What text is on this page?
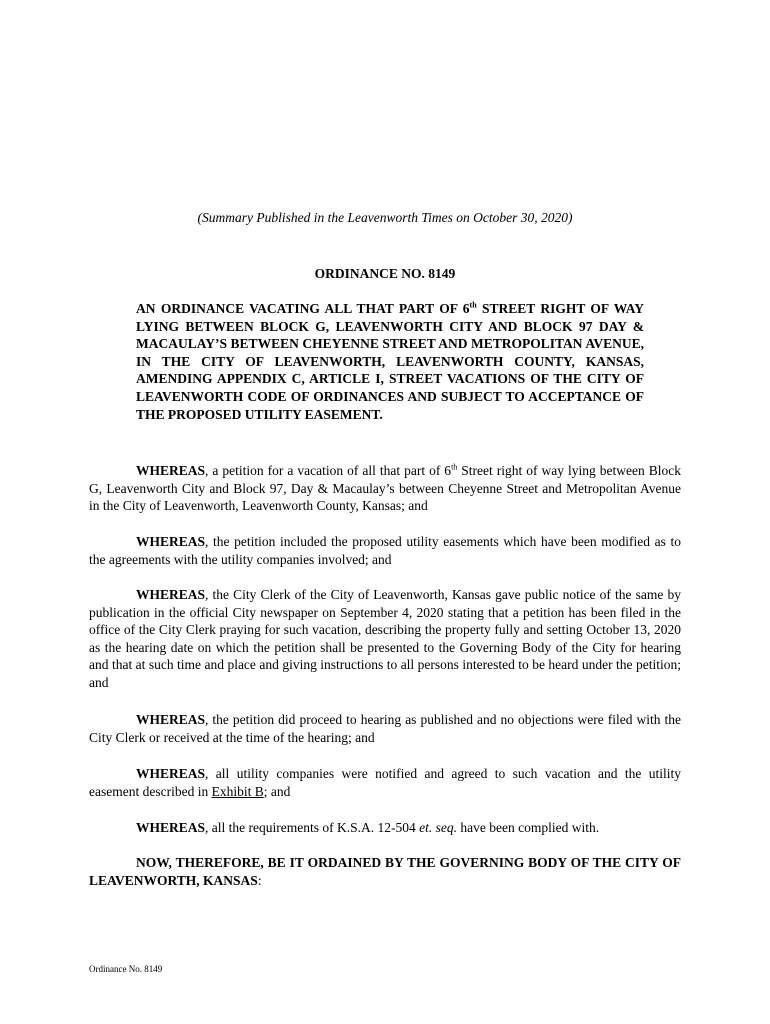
(Summary Published in the Leavenworth Times on October 30, 2020)
ORDINANCE NO. 8149
AN ORDINANCE VACATING ALL THAT PART OF 6th STREET RIGHT OF WAY LYING BETWEEN BLOCK G, LEAVENWORTH CITY AND BLOCK 97 DAY & MACAULAY’S BETWEEN CHEYENNE STREET AND METROPOLITAN AVENUE, IN THE CITY OF LEAVENWORTH, LEAVENWORTH COUNTY, KANSAS, AMENDING APPENDIX C, ARTICLE I, STREET VACATIONS OF THE CITY OF LEAVENWORTH CODE OF ORDINANCES AND SUBJECT TO ACCEPTANCE OF THE PROPOSED UTILITY EASEMENT.
WHEREAS, a petition for a vacation of all that part of 6th Street right of way lying between Block G, Leavenworth City and Block 97, Day & Macaulay’s between Cheyenne Street and Metropolitan Avenue in the City of Leavenworth, Leavenworth County, Kansas; and
WHEREAS, the petition included the proposed utility easements which have been modified as to the agreements with the utility companies involved; and
WHEREAS, the City Clerk of the City of Leavenworth, Kansas gave public notice of the same by publication in the official City newspaper on September 4, 2020 stating that a petition has been filed in the office of the City Clerk praying for such vacation, describing the property fully and setting October 13, 2020 as the hearing date on which the petition shall be presented to the Governing Body of the City for hearing and that at such time and place and giving instructions to all persons interested to be heard under the petition; and
WHEREAS, the petition did proceed to hearing as published and no objections were filed with the City Clerk or received at the time of the hearing; and
WHEREAS, all utility companies were notified and agreed to such vacation and the utility easement described in Exhibit B; and
WHEREAS, all the requirements of K.S.A. 12-504 et. seq. have been complied with.
NOW, THEREFORE, BE IT ORDAINED BY THE GOVERNING BODY OF THE CITY OF LEAVENWORTH, KANSAS:
Ordinance No. 8149
